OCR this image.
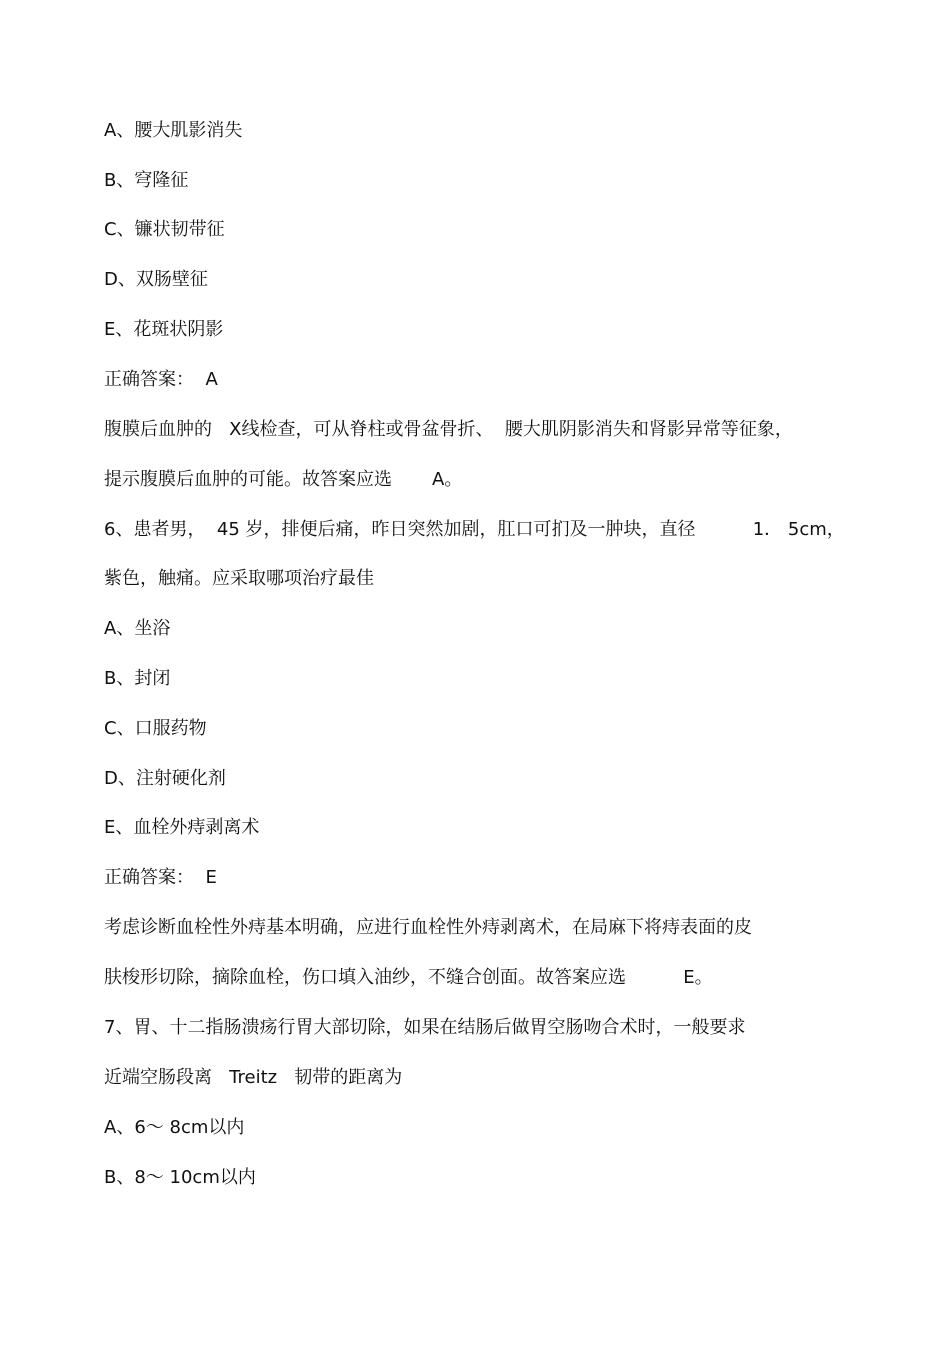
A、腰大肌影消失

B、穹隆征

C、镰状韧带征

D、双肠壁征

E、花斑状阴影

正确答案：  A

腹膜后血肿的   X线检查，可从脊柱或骨盆骨折、  腰大肌阴影消失和肾影异常等征象，

提示腹膜后血肿的可能。故答案应选       A。

6、患者男，  45 岁，排便后痛，昨日突然加剧，肛口可扪及一肿块，直径          1． 5cm，

紫色，触痛。应采取哪项治疗最佳

A、坐浴

B、封闭

C、口服药物

D、注射硬化剂

E、血栓外痔剥离术

正确答案：  E

考虑诊断血栓性外痔基本明确，应进行血栓性外痔剥离术，在局麻下将痔表面的皮

肤梭形切除，摘除血栓，伤口填入油纱，不缝合创面。故答案应选          E。

7、胃、十二指肠溃疡行胃大部切除，如果在结肠后做胃空肠吻合术时，一般要求

近端空肠段离   Treitz   韧带的距离为

A、6～ 8cm以内

B、8～ 10cm以内
